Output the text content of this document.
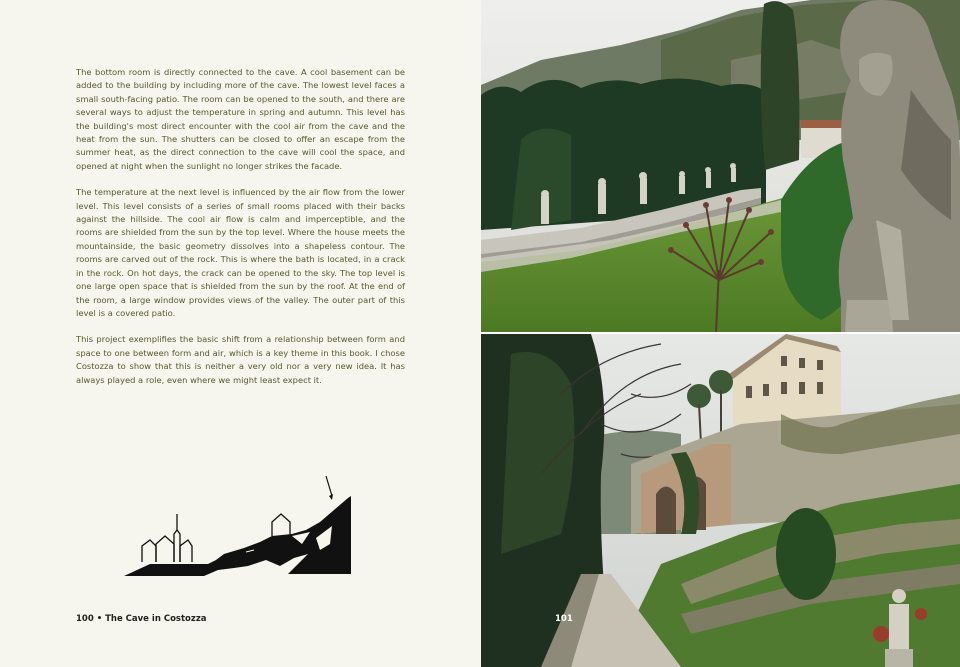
The bottom room is directly connected to the cave. A cool basement can be added to the building by including more of the cave. The lowest level faces a small south-facing patio. The room can be opened to the south, and there are several ways to adjust the temperature in spring and autumn. This level has the building's most direct encounter with the cool air from the cave and the heat from the sun. The shutters can be closed to offer an escape from the summer heat, as the direct connection to the cave will cool the space, and opened at night when the sunlight no longer strikes the facade.

The temperature at the next level is influenced by the air flow from the lower level. This level consists of a series of small rooms placed with their backs against the hillside. The cool air flow is calm and imperceptible, and the rooms are shielded from the sun by the top level. Where the house meets the mountainside, the basic geometry dissolves into a shapeless contour. The rooms are carved out of the rock. This is where the bath is located, in a crack in the rock. On hot days, the crack can be opened to the sky. The top level is one large open space that is shielded from the sun by the roof. At the end of the room, a large window provides views of the valley. The outer part of this level is a covered patio.

This project exemplifies the basic shift from a relationship between form and space to one between form and air, which is a key theme in this book. I chose Costozza to show that this is neither a very old nor a very new idea. It has always played a role, even where we might least expect it.

100 • The Cave in Costozza	101
